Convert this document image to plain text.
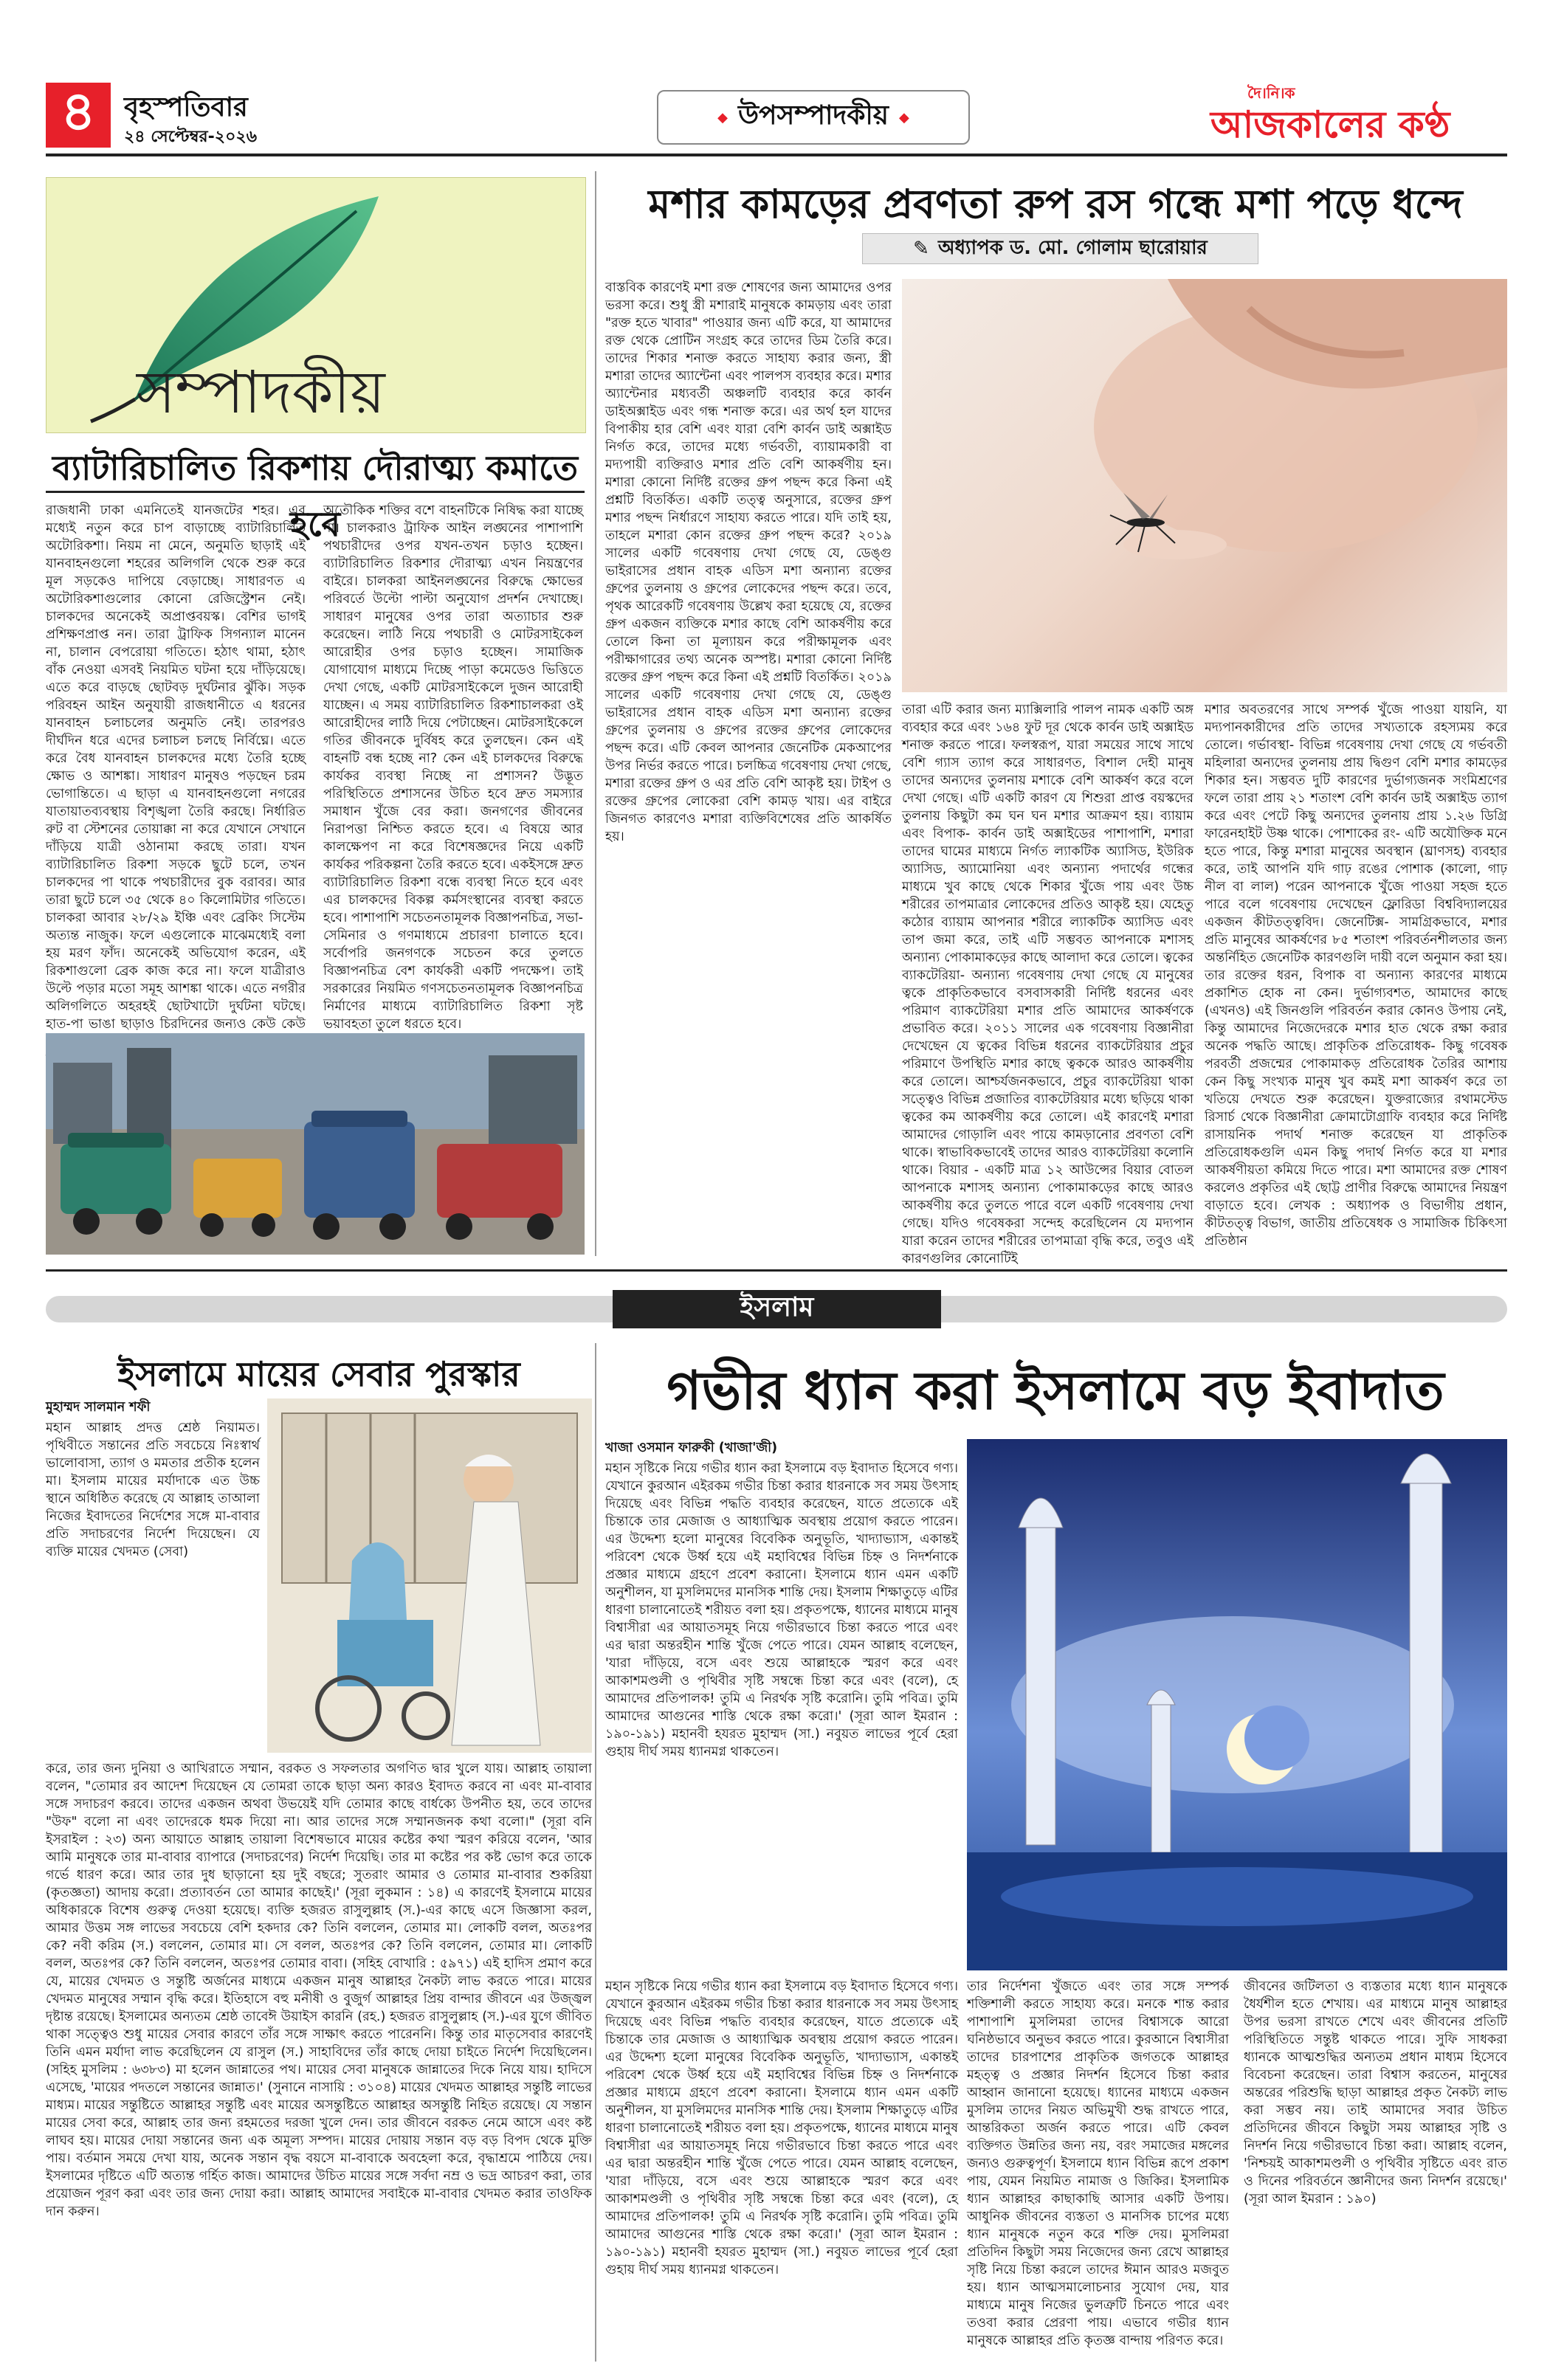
৪	বৃহস্পতিবার
২৪ সেপ্টেম্বর-২০২৬
◆ উপসম্পাদকীয় ◆
দৈ।নি।ক
আজকালের কণ্ঠ
সম্পাদকীয়
ব্যাটারিচালিত রিকশায় দৌরাত্ম্য কমাতে হবে

রাজধানী ঢাকা এমনিতেই যানজটের শহর। এর মধ্যেই নতুন করে চাপ বাড়াচ্ছে ব্যাটারিচালিত অটোরিকশা। নিয়ম না মেনে, অনুমতি ছাড়াই এই যানবাহনগুলো শহরের অলিগলি থেকে শুরু করে মূল সড়কেও দাপিয়ে বেড়াচ্ছে। সাধারণত এ অটোরিকশাগুলোর কোনো রেজিস্ট্রেশন নেই। চালকদের অনেকেই অপ্রাপ্তবয়স্ক। বেশির ভাগই প্রশিক্ষণপ্রাপ্ত নন। তারা ট্রাফিক সিগন্যাল মানেন না, চালান বেপরোয়া গতিতে। হঠাৎ থামা, হঠাৎ বাঁক নেওয়া এসবই নিয়মিত ঘটনা হয়ে দাঁড়িয়েছে। এতে করে বাড়ছে ছোটবড় দুর্ঘটনার ঝুঁকি। সড়ক পরিবহন আইন অনুযায়ী রাজধানীতে এ ধরনের যানবাহন চলাচলের অনুমতি নেই। তারপরও দীর্ঘদিন ধরে এদের চলাচল চলছে নির্বিঘ্নে। এতে করে বৈধ যানবাহন চালকদের মধ্যে তৈরি হচ্ছে ক্ষোভ ও আশঙ্কা। সাধারণ মানুষও পড়ছেন চরম ভোগান্তিতে। এ ছাড়া এ যানবাহনগুলো নগরের যাতায়াতব্যবস্থায় বিশৃঙ্খলা তৈরি করছে। নির্ধারিত রুট বা স্টেশনের তোয়াক্কা না করে যেখানে সেখানে দাঁড়িয়ে যাত্রী ওঠানামা করছে তারা। যখন ব্যাটারিচালিত রিকশা সড়কে ছুটে চলে, তখন চালকদের পা থাকে পথচারীদের বুক বরাবর। আর তারা ছুটে চলে ৩৫ থেকে ৪০ কিলোমিটার গতিতে। চালকরা আবার ২৮/২৯ ইঞ্চি এবং ব্রেকিং সিস্টেম অত্যন্ত নাজুক। ফলে এগুলোকে মাঝেমধ্যেই বলা হয় মরণ ফাঁদ। অনেকেই অভিযোগ করেন, এই রিকশাগুলো ব্রেক কাজ করে না। ফলে যাত্রীরাও উল্টে পড়ার মতো সমূহ আশঙ্কা থাকে। এতে নগরীর অলিগলিতে অহরহই ছোটখাটো দুর্ঘটনা ঘটছে। হাত-পা ভাঙা ছাড়াও চিরদিনের জন্যও কেউ কেউ

অতৌকিক শক্তির বশে বাহনটিকে নিষিদ্ধ করা যাচ্ছে না। চালকরাও ট্রাফিক আইন লঙ্ঘনের পাশাপাশি পথচারীদের ওপর যখন-তখন চড়াও হচ্ছেন। ব্যাটারিচালিত রিকশার দৌরাত্ম্য এখন নিয়ন্ত্রণের বাইরে। চালকরা আইনলঙ্ঘনের বিরুদ্ধে ক্ষোভের পরিবর্তে উল্টো পাল্টা অনুযোগ প্রদর্শন দেখাচ্ছে। সাধারণ মানুষের ওপর তারা অত্যাচার শুরু করেছেন। লাঠি নিয়ে পথচারী ও মোটরসাইকেল আরোহীর ওপর চড়াও হচ্ছেন। সামাজিক যোগাযোগ মাধ্যমে দিচ্ছে পাড়া কমেডেও ভিত্তিতে দেখা গেছে, একটি মোটরসাইকেলে দুজন আরোহী যাচ্ছেন। এ সময় ব্যাটারিচালিত রিকশাচালকরা ওই আরোহীদের লাঠি দিয়ে পেটাচ্ছেন। মোটরসাইকেলে গতির জীবনকে দুর্বিষহ করে তুলছেন। কেন এই বাহনটি বন্ধ হচ্ছে না? কেন এই চালকদের বিরুদ্ধে কার্যকর ব্যবস্থা নিচ্ছে না প্রশাসন? উদ্ভূত পরিস্থিতিতে প্রশাসনের উচিত হবে দ্রুত সমস্যার সমাধান খুঁজে বের করা। জনগণের জীবনের নিরাপত্তা নিশ্চিত করতে হবে। এ বিষয়ে আর কালক্ষেপণ না করে বিশেষজ্ঞদের নিয়ে একটি কার্যকর পরিকল্পনা তৈরি করতে হবে। একইসঙ্গে দ্রুত ব্যাটারিচালিত রিকশা বন্ধে ব্যবস্থা নিতে হবে এবং এর চালকদের বিকল্প কর্মসংস্থানের ব্যবস্থা করতে হবে। পাশাপাশি সচেতনতামূলক বিজ্ঞাপনচিত্র, সভা-সেমিনার ও গণমাধ্যমে প্রচারণা চালাতে হবে। সর্বোপরি জনগণকে সচেতন করে তুলতে বিজ্ঞাপনচিত্র বেশ কার্যকরী একটি পদক্ষেপ। তাই সরকারের নিয়মিত গণসচেতনতামূলক বিজ্ঞাপনচিত্র নির্মাণের মাধ্যমে ব্যাটারিচালিত রিকশা সৃষ্ট ভয়াবহতা তুলে ধরতে হবে।

মশার কামড়ের প্রবণতা রুপ রস গন্ধে মশা পড়ে ধন্দে
✎ অধ্যাপক ড. মো. গোলাম ছারোয়ার

বাস্তবিক কারণেই মশা রক্ত শোষণের জন্য আমাদের ওপর ভরসা করে। শুধু স্ত্রী মশারাই মানুষকে কামড়ায় এবং তারা "রক্ত হতে খাবার" পাওয়ার জন্য এটি করে, যা আমাদের রক্ত থেকে প্রোটিন সংগ্রহ করে তাদের ডিম তৈরি করে। তাদের শিকার শনাক্ত করতে সাহায্য করার জন্য, স্ত্রী মশারা তাদের অ্যান্টেনা এবং পালপস ব্যবহার করে। মশার অ্যান্টেনার মধ্যবর্তী অঞ্চলটি ব্যবহার করে কার্বন ডাইঅক্সাইড এবং গন্ধ শনাক্ত করে। এর অর্থ হল যাদের বিপাকীয় হার বেশি এবং যারা বেশি কার্বন ডাই অক্সাইড নির্গত করে, তাদের মধ্যে গর্ভবতী, ব্যায়ামকারী বা মদ্যপায়ী ব্যক্তিরাও মশার প্রতি বেশি আকর্ষণীয় হন। মশারা কোনো নির্দিষ্ট রক্তের গ্রুপ পছন্দ করে কিনা এই প্রশ্নটি বিতর্কিত। একটি তত্ত্ব অনুসারে, রক্তের গ্রুপ মশার পছন্দ নির্ধারণে সাহায্য করতে পারে। যদি তাই হয়, তাহলে মশারা কোন রক্তের গ্রুপ পছন্দ করে? ২০১৯ সালের একটি গবেষণায় দেখা গেছে যে, ডেঙ্গু ভাইরাসের প্রধান বাহক এডিস মশা অন্যান্য রক্তের গ্রুপের তুলনায় ও গ্রুপের লোকেদের পছন্দ করে। তবে, পৃথক আরেকটি গবেষণায় উল্লেখ করা হয়েছে যে, রক্তের গ্রুপ একজন ব্যক্তিকে মশার কাছে বেশি আকর্ষণীয় করে তোলে কিনা তা মূল্যায়ন করে পরীক্ষামূলক এবং পরীক্ষাগারের তথ্য অনেক অস্পষ্ট। মশারা কোনো নির্দিষ্ট রক্তের গ্রুপ পছন্দ করে কিনা এই প্রশ্নটি বিতর্কিত। ২০১৯ সালের একটি গবেষণায় দেখা গেছে যে, ডেঙ্গু ভাইরাসের প্রধান বাহক এডিস মশা অন্যান্য রক্তের গ্রুপের তুলনায় ও গ্রুপের রক্তের গ্রুপের লোকেদের পছন্দ করে। এটি কেবল আপনার জেনেটিক মেকআপের উপর নির্ভর করতে পারে। চলচ্চিত্র গবেষণায় দেখা গেছে, মশারা রক্তের গ্রুপ ও এর প্রতি বেশি আকৃষ্ট হয়। টাইপ ও রক্তের গ্রুপের লোকেরা বেশি কামড় খায়। এর বাইরে জিনগত কারণেও মশারা ব্যক্তিবিশেষের প্রতি আকর্ষিত হয়।

তারা এটি করার জন্য ম্যাক্সিলারি পালপ নামক একটি অঙ্গ ব্যবহার করে এবং ১৬৪ ফুট দূর থেকে কার্বন ডাই অক্সাইড শনাক্ত করতে পারে। ফলস্বরূপ, যারা সময়ের সাথে সাথে বেশি গ্যাস ত্যাগ করে সাধারণত, বিশাল দেহী মানুষ তাদের অন্যদের তুলনায় মশাকে বেশি আকর্ষণ করে বলে দেখা গেছে। এটি একটি কারণ যে শিশুরা প্রাপ্ত বয়স্কদের তুলনায় কিছুটা কম ঘন ঘন মশার আক্রমণ হয়। ব্যায়াম এবং বিপাক- কার্বন ডাই অক্সাইডের পাশাপাশি, মশারা তাদের ঘামের মাধ্যমে নির্গত ল্যাকটিক অ্যাসিড, ইউরিক অ্যাসিড, অ্যামোনিয়া এবং অন্যান্য পদার্থের গন্ধের মাধ্যমে খুব কাছে থেকে শিকার খুঁজে পায় এবং উচ্চ শরীরের তাপমাত্রার লোকেদের প্রতিও আকৃষ্ট হয়। যেহেতু কঠোর ব্যায়াম আপনার শরীরে ল্যাকটিক অ্যাসিড এবং তাপ জমা করে, তাই এটি সম্ভবত আপনাকে মশাসহ অন্যান্য পোকামাকড়ের কাছে আলাদা করে তোলে। ত্বকের ব্যাকটেরিয়া- অন্যান্য গবেষণায় দেখা গেছে যে মানুষের ত্বকে প্রাকৃতিকভাবে বসবাসকারী নির্দিষ্ট ধরনের এবং পরিমাণ ব্যাকটেরিয়া মশার প্রতি আমাদের আকর্ষণকে প্রভাবিত করে। ২০১১ সালের এক গবেষণায় বিজ্ঞানীরা দেখেছেন যে ত্বকের বিভিন্ন ধরনের ব্যাকটেরিয়ার প্রচুর পরিমাণে উপস্থিতি মশার কাছে ত্বককে আরও আকর্ষণীয় করে তোলে। আশ্চর্যজনকভাবে, প্রচুর ব্যাকটেরিয়া থাকা সত্ত্বেও বিভিন্ন প্রজাতির ব্যাকটেরিয়ার মধ্যে ছড়িয়ে থাকা ত্বকের কম আকর্ষণীয় করে তোলে। এই কারণেই মশারা আমাদের গোড়ালি এবং পায়ে কামড়ানোর প্রবণতা বেশি থাকে। স্বাভাবিকভাবেই তাদের আরও ব্যাকটেরিয়া কলোনি থাকে। বিয়ার - একটি মাত্র ১২ আউন্সের বিয়ার বোতল আপনাকে মশাসহ অন্যান্য পোকামাকড়ের কাছে আরও আকর্ষণীয় করে তুলতে পারে বলে একটি গবেষণায় দেখা গেছে। যদিও গবেষকরা সন্দেহ করেছিলেন যে মদ্যপান যারা করেন তাদের শরীরের তাপমাত্রা বৃদ্ধি করে, তবুও এই কারণগুলির কোনোটিই

মশার অবতরণের সাথে সম্পর্ক খুঁজে পাওয়া যায়নি, যা মদ্যপানকারীদের প্রতি তাদের সখ্যতাকে রহস্যময় করে তোলে। গর্ভাবস্থা- বিভিন্ন গবেষণায় দেখা গেছে যে গর্ভবতী মহিলারা অন্যদের তুলনায় প্রায় দ্বিগুণ বেশি মশার কামড়ের শিকার হন। সম্ভবত দুটি কারণের দুর্ভাগ্যজনক সংমিশ্রণের ফলে তারা প্রায় ২১ শতাংশ বেশি কার্বন ডাই অক্সাইড ত্যাগ করে এবং পেটে কিছু অন্যদের তুলনায় প্রায় ১.২৬ ডিগ্রি ফারেনহাইট উষ্ণ থাকে। পোশাকের রং- এটি অযৌক্তিক মনে হতে পারে, কিন্তু মশারা মানুষের অবস্থান (ঘ্রাণসহ) ব্যবহার করে, তাই আপনি যদি গাঢ় রঙের পোশাক (কালো, গাঢ় নীল বা লাল) পরেন আপনাকে খুঁজে পাওয়া সহজ হতে পারে বলে গবেষণায় দেখেছেন ফ্লোরিডা বিশ্ববিদ্যালয়ের একজন কীটতত্ত্ববিদ। জেনেটিক্স- সামগ্রিকভাবে, মশার প্রতি মানুষের আকর্ষণের ৮৫ শতাংশ পরিবর্তনশীলতার জন্য অন্তর্নিহিত জেনেটিক কারণগুলি দায়ী বলে অনুমান করা হয়। তার রক্তের ধরন, বিপাক বা অন্যান্য কারণের মাধ্যমে প্রকাশিত হোক না কেন। দুর্ভাগ্যবশত, আমাদের কাছে (এখনও) এই জিনগুলি পরিবর্তন করার কোনও উপায় নেই, কিন্তু আমাদের নিজেদেরকে মশার হাত থেকে রক্ষা করার অনেক পদ্ধতি আছে। প্রাকৃতিক প্রতিরোধক- কিছু গবেষক পরবর্তী প্রজন্মের পোকামাকড় প্রতিরোধক তৈরির আশায় কেন কিছু সংখ্যক মানুষ খুব কমই মশা আকর্ষণ করে তা খতিয়ে দেখতে শুরু করেছেন। যুক্তরাজ্যের রথামস্টেড রিসার্চ থেকে বিজ্ঞানীরা ক্রোমাটোগ্রাফি ব্যবহার করে নির্দিষ্ট রাসায়নিক পদার্থ শনাক্ত করেছেন যা প্রাকৃতিক প্রতিরোধকগুলি এমন কিছু পদার্থ নির্গত করে যা মশার আকর্ষণীয়তা কমিয়ে দিতে পারে। মশা আমাদের রক্ত শোষণ করলেও প্রকৃতির এই ছোট্ট প্রাণীর বিরুদ্ধে আমাদের নিয়ন্ত্রণ বাড়াতে হবে। লেখক : অধ্যাপক ও বিভাগীয় প্রধান, কীটতত্ত্ব বিভাগ, জাতীয় প্রতিষেধক ও সামাজিক চিকিৎসা প্রতিষ্ঠান

ইসলাম
ইসলামে মায়ের সেবার পুরস্কার	গভীর ধ্যান করা ইসলামে বড় ইবাদাত

মুহাম্মদ সালমান শফী

মহান আল্লাহ প্রদত্ত শ্রেষ্ঠ নিয়ামত। পৃথিবীতে সন্তানের প্রতি সবচেয়ে নিঃস্বার্থ ভালোবাসা, ত্যাগ ও মমতার প্রতীক হলেন মা। ইসলাম মায়ের মর্যাদাকে এত উচ্চ স্থানে অধিষ্ঠিত করেছে যে আল্লাহ তাআলা নিজের ইবাদতের নির্দেশের সঙ্গে মা-বাবার প্রতি সদাচরণের নির্দেশ দিয়েছেন। যে ব্যক্তি মায়ের খেদমত (সেবা)

করে, তার জন্য দুনিয়া ও আখিরাতে সম্মান, বরকত ও সফলতার অগণিত দ্বার খুলে যায়। আল্লাহ তায়ালা বলেন, "তোমার রব আদেশ দিয়েছেন যে তোমরা তাকে ছাড়া অন্য কারও ইবাদত করবে না এবং মা-বাবার সঙ্গে সদাচরণ করবে। তাদের একজন অথবা উভয়েই যদি তোমার কাছে বার্ধক্যে উপনীত হয়, তবে তাদের "উফ" বলো না এবং তাদেরকে ধমক দিয়ো না। আর তাদের সঙ্গে সম্মানজনক কথা বলো।" (সূরা বনি ইসরাইল : ২৩) অন্য আয়াতে আল্লাহ তায়ালা বিশেষভাবে মায়ের কষ্টের কথা স্মরণ করিয়ে বলেন, 'আর আমি মানুষকে তার মা-বাবার ব্যাপারে (সদাচরণের) নির্দেশ দিয়েছি। তার মা কষ্টের পর কষ্ট ভোগ করে তাকে গর্ভে ধারণ করে। আর তার দুধ ছাড়ানো হয় দুই বছরে; সুতরাং আমার ও তোমার মা-বাবার শুকরিয়া (কৃতজ্ঞতা) আদায় করো। প্রত্যাবর্তন তো আমার কাছেই।' (সূরা লুকমান : ১৪) এ কারণেই ইসলামে মায়ের অধিকারকে বিশেষ গুরুত্ব দেওয়া হয়েছে। ব্যক্তি হজরত রাসুলুল্লাহ (স.)-এর কাছে এসে জিজ্ঞাসা করল, আমার উত্তম সঙ্গ লাভের সবচেয়ে বেশি হকদার কে? তিনি বললেন, তোমার মা। লোকটি বলল, অতঃপর কে? নবী করিম (স.) বললেন, তোমার মা। সে বলল, অতঃপর কে? তিনি বললেন, তোমার মা। লোকটি বলল, অতঃপর কে? তিনি বললেন, অতঃপর তোমার বাবা। (সহিহ বোখারি : ৫৯৭১) এই হাদিস প্রমাণ করে যে, মায়ের খেদমত ও সন্তুষ্টি অর্জনের মাধ্যমে একজন মানুষ আল্লাহর নৈকট্য লাভ করতে পারে। মায়ের খেদমত মানুষের সম্মান বৃদ্ধি করে। ইতিহাসে বহু মনীষী ও বুজুর্গ আল্লাহর প্রিয় বান্দার জীবনে এর উজ্জ্বল দৃষ্টান্ত রয়েছে। ইসলামের অন্যতম শ্রেষ্ঠ তাবেঈ উয়াইস কারনি (রহ.) হজরত রাসুলুল্লাহ (স.)-এর যুগে জীবিত থাকা সত্ত্বেও শুধু মায়ের সেবার কারণে তাঁর সঙ্গে সাক্ষাৎ করতে পারেননি। কিন্তু তার মাতৃসেবার কারণেই তিনি এমন মর্যাদা লাভ করেছিলেন যে রাসুল (স.) সাহাবিদের তাঁর কাছে দোয়া চাইতে নির্দেশ দিয়েছিলেন। (সহিহ মুসলিম : ৬৩৮৩) মা হলেন জান্নাতের পথ। মায়ের সেবা মানুষকে জান্নাতের দিকে নিয়ে যায়। হাদিসে এসেছে, 'মায়ের পদতলে সন্তানের জান্নাত।' (সুনানে নাসায়ি : ৩১০৪) মায়ের খেদমত আল্লাহর সন্তুষ্টি লাভের মাধ্যম। মায়ের সন্তুষ্টিতে আল্লাহর সন্তুষ্টি এবং মায়ের অসন্তুষ্টিতে আল্লাহর অসন্তুষ্টি নিহিত রয়েছে। যে সন্তান মায়ের সেবা করে, আল্লাহ তার জন্য রহমতের দরজা খুলে দেন। তার জীবনে বরকত নেমে আসে এবং কষ্ট লাঘব হয়। মায়ের দোয়া সন্তানের জন্য এক অমূল্য সম্পদ। মায়ের দোয়ায় সন্তান বড় বড় বিপদ থেকে মুক্তি পায়। বর্তমান সময়ে দেখা যায়, অনেক সন্তান বৃদ্ধ বয়সে মা-বাবাকে অবহেলা করে, বৃদ্ধাশ্রমে পাঠিয়ে দেয়। ইসলামের দৃষ্টিতে এটি অত্যন্ত গর্হিত কাজ। আমাদের উচিত মায়ের সঙ্গে সর্বদা নম্র ও ভদ্র আচরণ করা, তার প্রয়োজন পূরণ করা এবং তার জন্য দোয়া করা। আল্লাহ আমাদের সবাইকে মা-বাবার খেদমত করার তাওফিক দান করুন।

খাজা ওসমান ফারুকী (খাজা'জী)

মহান সৃষ্টিকে নিয়ে গভীর ধ্যান করা ইসলামে বড় ইবাদাত হিসেবে গণ্য। যেখানে কুরআন এইরকম গভীর চিন্তা করার ধারনাকে সব সময় উৎসাহ দিয়েছে এবং বিভিন্ন পদ্ধতি ব্যবহার করেছেন, যাতে প্রত্যেকে এই চিন্তাকে তার মেজাজ ও আধ্যাত্মিক অবস্থায় প্রয়োগ করতে পারেন। এর উদ্দেশ্য হলো মানুষের বিবেকিক অনুভূতি, খাদ্যাভ্যাস, একান্তই পরিবেশ থেকে উর্ধ্ব হয়ে এই মহাবিশ্বের বিভিন্ন চিহ্ন ও নিদর্শনাকে প্রজ্ঞার মাধ্যমে গ্রহণে প্রবেশ করানো। ইসলামে ধ্যান এমন একটি অনুশীলন, যা মুসলিমদের মানসিক শান্তি দেয়। ইসলাম শিক্ষাতুড়ে এটির ধারণা চালানোতেই শরীয়ত বলা হয়। প্রকৃতপক্ষে, ধ্যানের মাধ্যমে মানুষ বিশ্বাসীরা এর আয়াতসমূহ নিয়ে গভীরভাবে চিন্তা করতে পারে এবং এর দ্বারা অন্তরহীন শান্তি খুঁজে পেতে পারে। যেমন আল্লাহ বলেছেন, 'যারা দাঁড়িয়ে, বসে এবং শুয়ে আল্লাহকে স্মরণ করে এবং আকাশমণ্ডলী ও পৃথিবীর সৃষ্টি সম্বন্ধে চিন্তা করে এবং (বলে), হে আমাদের প্রতিপালক! তুমি এ নিরর্থক সৃষ্টি করোনি। তুমি পবিত্র। তুমি আমাদের আগুনের শাস্তি থেকে রক্ষা করো।' (সূরা আল ইমরান : ১৯০-১৯১) মহানবী হযরত মুহাম্মদ (সা.) নবুয়ত লাভের পূর্বে হেরা গুহায় দীর্ঘ সময় ধ্যানমগ্ন থাকতেন।

তার নির্দেশনা খুঁজতে এবং তার সঙ্গে সম্পর্ক শক্তিশালী করতে সাহায্য করে। মনকে শান্ত করার পাশাপাশি মুসলিমরা তাদের বিশ্বাসকে আরো ঘনিষ্ঠভাবে অনুভব করতে পারে। কুরআনে বিশ্বাসীরা তাদের চারপাশের প্রাকৃতিক জগতকে আল্লাহর মহত্ত্ব ও প্রজ্ঞার নিদর্শন হিসেবে চিন্তা করার আহ্বান জানানো হয়েছে। ধ্যানের মাধ্যমে একজন মুসলিম তাদের নিয়ত অভিমুখী শুদ্ধ রাখতে পারে, আন্তরিকতা অর্জন করতে পারে। এটি কেবল ব্যক্তিগত উন্নতির জন্য নয়, বরং সমাজের মঙ্গলের জন্যও গুরুত্বপূর্ণ। ইসলামে ধ্যান বিভিন্ন রূপে প্রকাশ পায়, যেমন নিয়মিত নামাজ ও জিকির। ইসলামিক ধ্যান আল্লাহর কাছাকাছি আসার একটি উপায়। আধুনিক জীবনের ব্যস্ততা ও মানসিক চাপের মধ্যে ধ্যান মানুষকে নতুন করে শক্তি দেয়। মুসলিমরা প্রতিদিন কিছুটা সময় নিজেদের জন্য রেখে আল্লাহর সৃষ্টি নিয়ে চিন্তা করলে তাদের ঈমান আরও মজবুত হয়। ধ্যান আত্মসমালোচনার সুযোগ দেয়, যার মাধ্যমে মানুষ নিজের ভুলত্রুটি চিনতে পারে এবং তওবা করার প্রেরণা পায়। এভাবে গভীর ধ্যান মানুষকে আল্লাহর প্রতি কৃতজ্ঞ বান্দায় পরিণত করে।

জীবনের জটিলতা ও ব্যস্ততার মধ্যে ধ্যান মানুষকে ধৈর্যশীল হতে শেখায়। এর মাধ্যমে মানুষ আল্লাহর উপর ভরসা রাখতে শেখে এবং জীবনের প্রতিটি পরিস্থিতিতে সন্তুষ্ট থাকতে পারে। সুফি সাধকরা ধ্যানকে আত্মশুদ্ধির অন্যতম প্রধান মাধ্যম হিসেবে বিবেচনা করেছেন। তারা বিশ্বাস করতেন, মানুষের অন্তরের পরিশুদ্ধি ছাড়া আল্লাহর প্রকৃত নৈকট্য লাভ করা সম্ভব নয়। তাই আমাদের সবার উচিত প্রতিদিনের জীবনে কিছুটা সময় আল্লাহর সৃষ্টি ও নিদর্শন নিয়ে গভীরভাবে চিন্তা করা। আল্লাহ বলেন, 'নিশ্চয়ই আকাশমণ্ডলী ও পৃথিবীর সৃষ্টিতে এবং রাত ও দিনের পরিবর্তনে জ্ঞানীদের জন্য নিদর্শন রয়েছে।' (সূরা আল ইমরান : ১৯০)

মহান সৃষ্টিকে নিয়ে গভীর ধ্যান করা ইসলামে বড় ইবাদাত হিসেবে গণ্য। যেখানে কুরআন এইরকম গভীর চিন্তা করার ধারনাকে সব সময় উৎসাহ দিয়েছে এবং বিভিন্ন পদ্ধতি ব্যবহার করেছেন, যাতে প্রত্যেকে এই চিন্তাকে তার মেজাজ ও আধ্যাত্মিক অবস্থায় প্রয়োগ করতে পারেন। এর উদ্দেশ্য হলো মানুষের বিবেকিক অনুভূতি, খাদ্যাভ্যাস, একান্তই পরিবেশ থেকে উর্ধ্ব হয়ে এই মহাবিশ্বের বিভিন্ন চিহ্ন ও নিদর্শনাকে প্রজ্ঞার মাধ্যমে গ্রহণে প্রবেশ করানো। ইসলামে ধ্যান এমন একটি অনুশীলন, যা মুসলিমদের মানসিক শান্তি দেয়। ইসলাম শিক্ষাতুড়ে এটির ধারণা চালানোতেই শরীয়ত বলা হয়। প্রকৃতপক্ষে, ধ্যানের মাধ্যমে মানুষ বিশ্বাসীরা এর আয়াতসমূহ নিয়ে গভীরভাবে চিন্তা করতে পারে এবং এর দ্বারা অন্তরহীন শান্তি খুঁজে পেতে পারে। যেমন আল্লাহ বলেছেন, 'যারা দাঁড়িয়ে, বসে এবং শুয়ে আল্লাহকে স্মরণ করে এবং আকাশমণ্ডলী ও পৃথিবীর সৃষ্টি সম্বন্ধে চিন্তা করে এবং (বলে), হে আমাদের প্রতিপালক! তুমি এ নিরর্থক সৃষ্টি করোনি। তুমি পবিত্র। তুমি আমাদের আগুনের শাস্তি থেকে রক্ষা করো।' (সূরা আল ইমরান : ১৯০-১৯১) মহানবী হযরত মুহাম্মদ (সা.) নবুয়ত লাভের পূর্বে হেরা গুহায় দীর্ঘ সময় ধ্যানমগ্ন থাকতেন।
